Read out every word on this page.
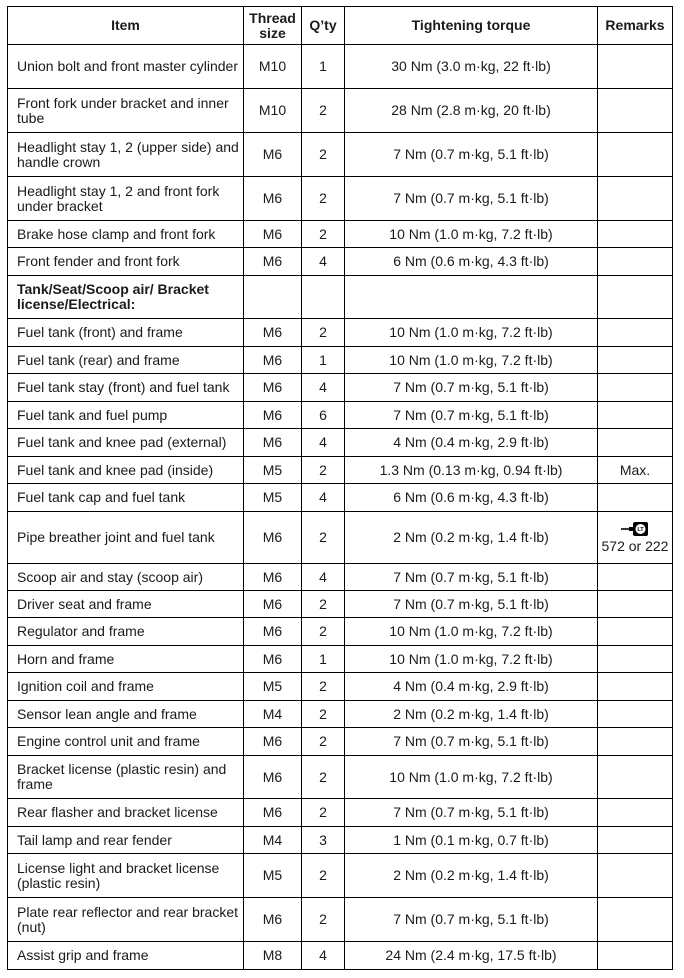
Item	Thread size	Q’ty	Tightening torque	Remarks
Union bolt and front master cylinder	M10	1	30 Nm (3.0 m·kg, 22 ft·lb)	
Front fork under bracket and inner tube	M10	2	28 Nm (2.8 m·kg, 20 ft·lb)	
Headlight stay 1, 2 (upper side) and handle crown	M6	2	7 Nm (0.7 m·kg, 5.1 ft·lb)	
Headlight stay 1, 2 and front fork under bracket	M6	2	7 Nm (0.7 m·kg, 5.1 ft·lb)	
Brake hose clamp and front fork	M6	2	10 Nm (1.0 m·kg, 7.2 ft·lb)	
Front fender and front fork	M6	4	6 Nm (0.6 m·kg, 4.3 ft·lb)	
Tank/Seat/Scoop air/ Bracket license/Electrical:				
Fuel tank (front) and frame	M6	2	10 Nm (1.0 m·kg, 7.2 ft·lb)	
Fuel tank (rear) and frame	M6	1	10 Nm (1.0 m·kg, 7.2 ft·lb)	
Fuel tank stay (front) and fuel tank	M6	4	7 Nm (0.7 m·kg, 5.1 ft·lb)	
Fuel tank and fuel pump	M6	6	7 Nm (0.7 m·kg, 5.1 ft·lb)	
Fuel tank and knee pad (external)	M6	4	4 Nm (0.4 m·kg, 2.9 ft·lb)	
Fuel tank and knee pad (inside)	M5	2	1.3 Nm (0.13 m·kg, 0.94 ft·lb)	Max.
Fuel tank cap and fuel tank	M5	4	6 Nm (0.6 m·kg, 4.3 ft·lb)	
Pipe breather joint and fuel tank	M6	2	2 Nm (0.2 m·kg, 1.4 ft·lb)	LT
572 or 222

Scoop air and stay (scoop air)	M6	4	7 Nm (0.7 m·kg, 5.1 ft·lb)	
Driver seat and frame	M6	2	7 Nm (0.7 m·kg, 5.1 ft·lb)	
Regulator and frame	M6	2	10 Nm (1.0 m·kg, 7.2 ft·lb)	
Horn and frame	M6	1	10 Nm (1.0 m·kg, 7.2 ft·lb)	
Ignition coil and frame	M5	2	4 Nm (0.4 m·kg, 2.9 ft·lb)	
Sensor lean angle and frame	M4	2	2 Nm (0.2 m·kg, 1.4 ft·lb)	
Engine control unit and frame	M6	2	7 Nm (0.7 m·kg, 5.1 ft·lb)	
Bracket license (plastic resin) and frame	M6	2	10 Nm (1.0 m·kg, 7.2 ft·lb)	
Rear flasher and bracket license	M6	2	7 Nm (0.7 m·kg, 5.1 ft·lb)	
Tail lamp and rear fender	M4	3	1 Nm (0.1 m·kg, 0.7 ft·lb)	
License light and bracket license (plastic resin)	M5	2	2 Nm (0.2 m·kg, 1.4 ft·lb)	
Plate rear reflector and rear bracket (nut)	M6	2	7 Nm (0.7 m·kg, 5.1 ft·lb)	
Assist grip and frame	M8	4	24 Nm (2.4 m·kg, 17.5 ft·lb)	
